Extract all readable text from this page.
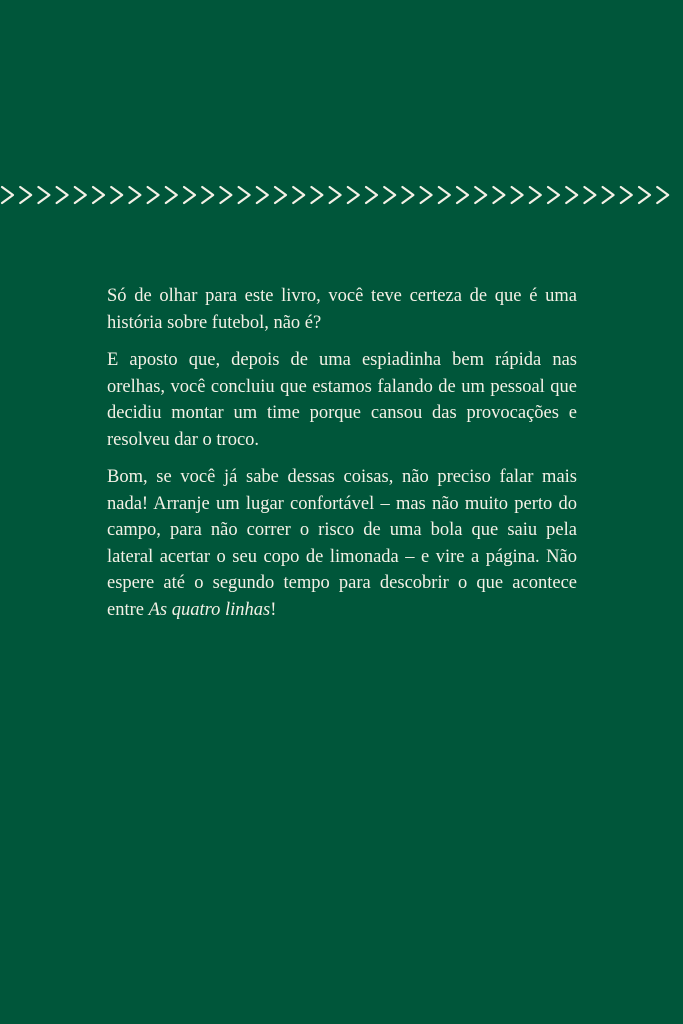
Só de olhar para este livro, você teve certeza de que é uma história sobre futebol, não é?

E aposto que, depois de uma espiadinha bem rápida nas orelhas, você concluiu que estamos falando de um pessoal que decidiu montar um time porque cansou das provocações e resolveu dar o troco.

Bom, se você já sabe dessas coisas, não preciso falar mais nada! Arranje um lugar confortável – mas não muito perto do campo, para não correr o risco de uma bola que saiu pela lateral acertar o seu copo de limonada – e vire a página. Não espere até o segundo tempo para descobrir o que acontece entre As quatro linhas!
